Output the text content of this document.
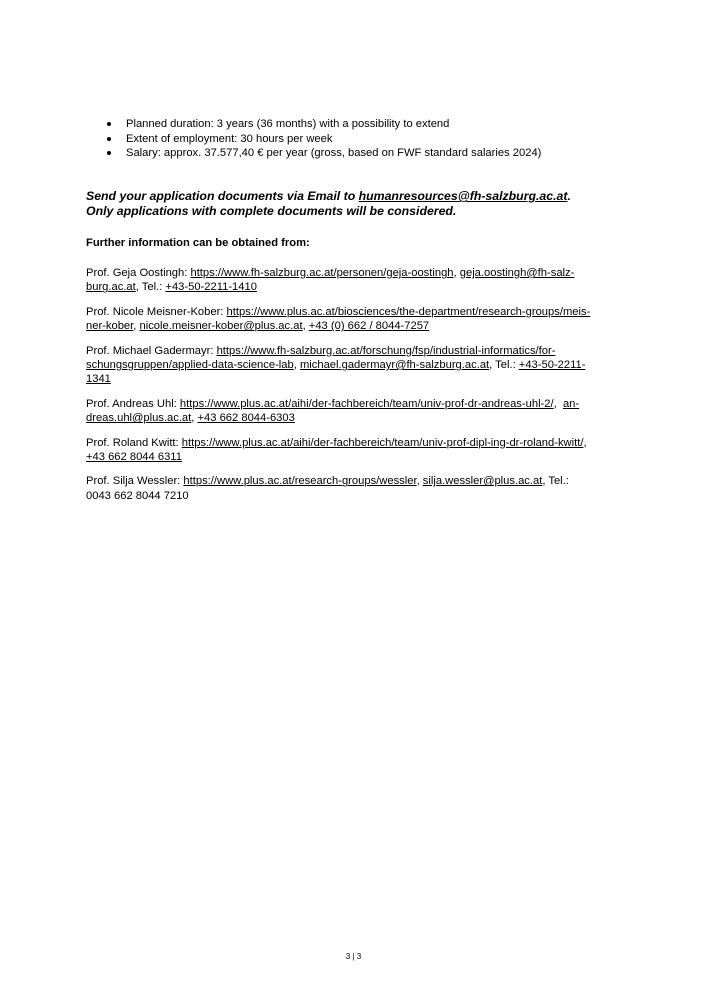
Planned duration: 3 years (36 months) with a possibility to extend
Extent of employment: 30 hours per week
Salary: approx. 37.577,40 € per year (gross, based on FWF standard salaries 2024)
Send your application documents via Email to humanresources@fh-salzburg.ac.at.
Only applications with complete documents will be considered.
Further information can be obtained from:
Prof. Geja Oostingh: https://www.fh-salzburg.ac.at/personen/geja-oostingh, geja.oostingh@fh-salz-
burg.ac.at, Tel.: +43-50-2211-1410
Prof. Nicole Meisner-Kober: https://www.plus.ac.at/biosciences/the-department/research-groups/meis-
ner-kober, nicole.meisner-kober@plus.ac.at, +43 (0) 662 / 8044-7257
Prof. Michael Gadermayr: https://www.fh-salzburg.ac.at/forschung/fsp/industrial-informatics/for-
schungsgruppen/applied-data-science-lab, michael.gadermayr@fh-salzburg.ac.at, Tel.: +43-50-2211-
1341
Prof. Andreas Uhl: https://www.plus.ac.at/aihi/der-fachbereich/team/univ-prof-dr-andreas-uhl-2/,  an-
dreas.uhl@plus.ac.at, +43 662 8044-6303
Prof. Roland Kwitt: https://www.plus.ac.at/aihi/der-fachbereich/team/univ-prof-dipl-ing-dr-roland-kwitt/,
+43 662 8044 6311
Prof. Silja Wessler: https://www.plus.ac.at/research-groups/wessler, silja.wessler@plus.ac.at, Tel.:
0043 662 8044 7210
3 | 3
